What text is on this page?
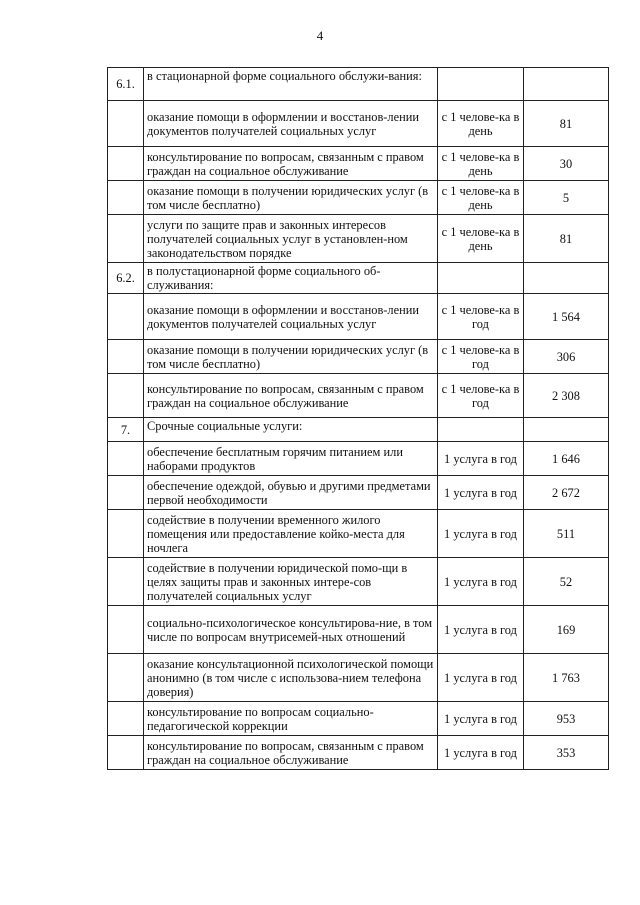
4
6.1.	в стационарной форме социального обслужи-вания:		
	оказание помощи в оформлении и восстанов-лении документов получателей социальных услуг	с 1 челове-ка в день	81
	консультирование по вопросам, связанным с правом граждан на социальное обслуживание	с 1 челове-ка в день	30
	оказание помощи в получении юридических услуг (в том числе бесплатно)	с 1 челове-ка в день	5
	услуги по защите прав и законных интересов получателей социальных услуг в установлен-ном законодательством порядке	с 1 челове-ка в день	81
6.2.	в полустационарной форме социального об-служивания:		
	оказание помощи в оформлении и восстанов-лении документов получателей социальных услуг	с 1 челове-ка в год	1 564
	оказание помощи в получении юридических услуг (в том числе бесплатно)	с 1 челове-ка в год	306
	консультирование по вопросам, связанным с правом граждан на социальное обслуживание	с 1 челове-ка в год	2 308
7.	Срочные социальные услуги:		
	обеспечение бесплатным горячим питанием или наборами продуктов	1 услуга в год	1 646
	обеспечение одеждой, обувью и другими предметами первой необходимости	1 услуга в год	2 672
	содействие в получении временного жилого помещения или предоставление койко-места для ночлега	1 услуга в год	511
	содействие в получении юридической помо-щи в целях защиты прав и законных интере-сов получателей социальных услуг	1 услуга в год	52
	социально-психологическое консультирова-ние, в том числе по вопросам внутрисемей-ных отношений	1 услуга в год	169
	оказание консультационной психологической помощи анонимно (в том числе с использова-нием телефона доверия)	1 услуга в год	1 763
	консультирование по вопросам социально-педагогической коррекции	1 услуга в год	953
	консультирование по вопросам, связанным с правом граждан на социальное обслуживание	1 услуга в год	353
